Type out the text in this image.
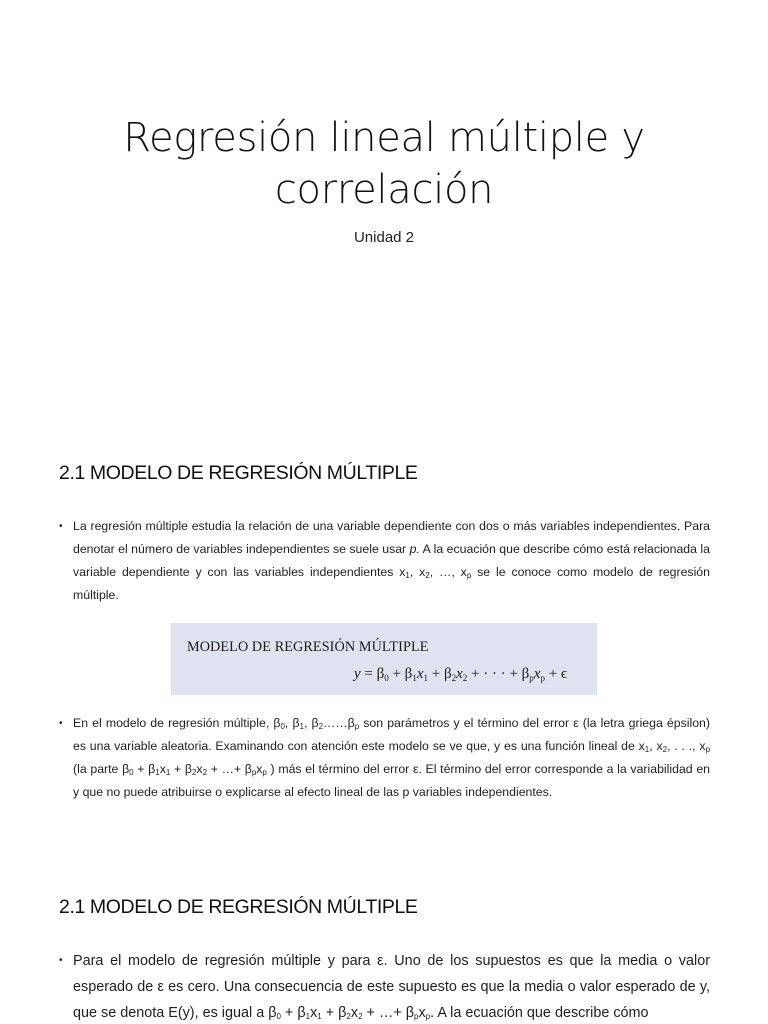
Regresión lineal múltiple y
correlación
Unidad 2
2.1 MODELO DE REGRESIÓN MÚLTIPLE
• La regresión múltiple estudia la relación de una variable dependiente con dos o más variables independientes. Para denotar el número de variables independientes se suele usar p. A la ecuación que describe cómo está relacionada la variable dependiente y con las variables independientes $x_1$, $x_2$, …, $x_p$ se le conoce como modelo de regresión múltiple.
MODELO DE REGRESIÓN MÚLTIPLE
$y = \beta_0 + \beta_1x_1 + \beta_2x_2$ + · · · + $\beta_px_p + \epsilon$
• En el modelo de regresión múltiple, $\beta_0$, $\beta_1$, $\beta_2\dots\dots\beta_p$ son parámetros y el término del error ε (la letra griega épsilon) es una variable aleatoria. Examinando con atención este modelo se ve que, y es una función lineal de $x_1$, $x_2$, . . ., $x_p$ (la parte $\beta_0 + \beta_1x_1 + \beta_2x_2$ + …+ $\beta_px_p$ ) más el término del error ε. El término del error corresponde a la variabilidad en y que no puede atribuirse o explicarse al efecto lineal de las p variables independientes.
2.1 MODELO DE REGRESIÓN MÚLTIPLE
• Para el modelo de regresión múltiple y para ε. Uno de los supuestos es que la media o valor esperado de ε es cero. Una consecuencia de este supuesto es que la media o valor esperado de y, que se denota E(y), es igual a $\beta_0 + \beta_1x_1 + \beta_2x_2$ + …+ $\beta_px_p$. A la ecuación que describe cómo
